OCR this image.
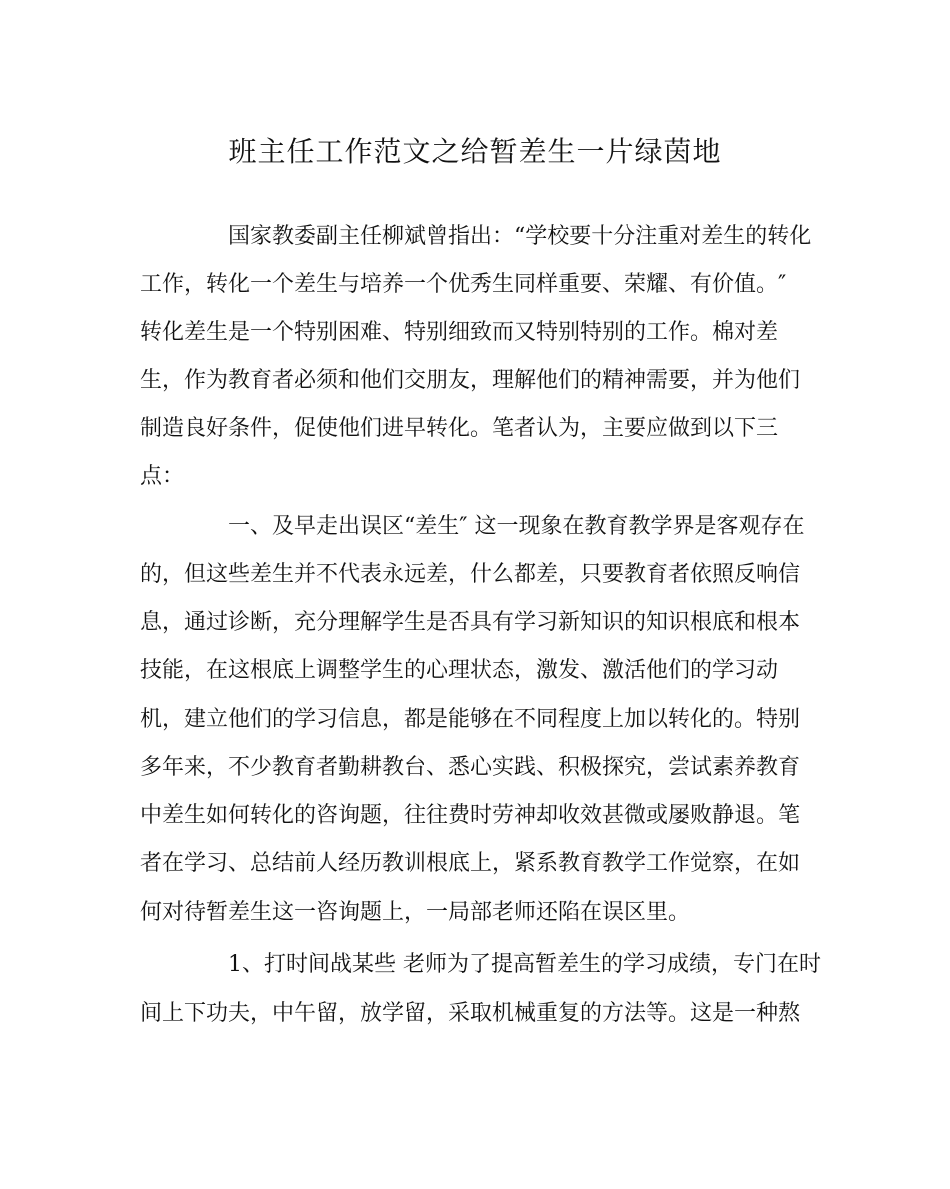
班主任工作范文之给暂差生一片绿茵地

国家教委副主任柳斌曾指出：“学校要十分注重对差生的转化

工作，转化一个差生与培养一个优秀生同样重要、荣耀、有价值。″

转化差生是一个特别困难、特别细致而又特别特别的工作。棉对差

生，作为教育者必须和他们交朋友，理解他们的精神需要，并为他们

制造良好条件，促使他们进早转化。笔者认为，主要应做到以下三

点：

一、及早走出误区“差生″ 这一现象在教育教学界是客观存在

的，但这些差生并不代表永远差，什么都差，只要教育者依照反响信

息，通过诊断，充分理解学生是否具有学习新知识的知识根底和根本

技能，在这根底上调整学生的心理状态，激发、激活他们的学习动

机，建立他们的学习信息，都是能够在不同程度上加以转化的。特别

多年来，不少教育者勤耕教台、悉心实践、积极探究，尝试素养教育

中差生如何转化的咨询题，往往费时劳神却收效甚微或屡败静退。笔

者在学习、总结前人经历教训根底上，紧系教育教学工作觉察，在如

何对待暂差生这一咨询题上，一局部老师还陷在误区里。

1、打时间战某些 老师为了提高暂差生的学习成绩，专门在时

间上下功夫，中午留，放学留，采取机械重复的方法等。这是一种熬
